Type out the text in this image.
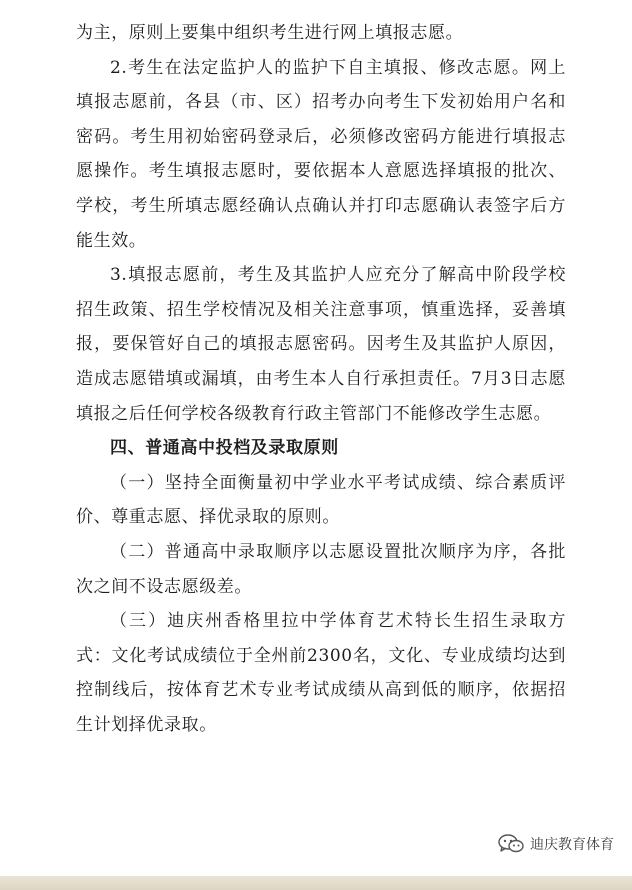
为主，原则上要集中组织考生进行网上填报志愿。

2.考生在法定监护人的监护下自主填报、修改志愿。网上填报志愿前，各县（市、区）招考办向考生下发初始用户名和密码。考生用初始密码登录后，必须修改密码方能进行填报志愿操作。考生填报志愿时，要依据本人意愿选择填报的批次、学校，考生所填志愿经确认点确认并打印志愿确认表签字后方能生效。

3.填报志愿前，考生及其监护人应充分了解高中阶段学校招生政策、招生学校情况及相关注意事项，慎重选择，妥善填报，要保管好自己的填报志愿密码。因考生及其监护人原因，造成志愿错填或漏填，由考生本人自行承担责任。7月3日志愿填报之后任何学校各级教育行政主管部门不能修改学生志愿。

四、普通高中投档及录取原则

（一）坚持全面衡量初中学业水平考试成绩、综合素质评价、尊重志愿、择优录取的原则。

（二）普通高中录取顺序以志愿设置批次顺序为序，各批次之间不设志愿级差。

（三）迪庆州香格里拉中学体育艺术特长生招生录取方式：文化考试成绩位于全州前2300名，文化、专业成绩均达到控制线后，按体育艺术专业考试成绩从高到低的顺序，依据招生计划择优录取。

迪庆教育体育
